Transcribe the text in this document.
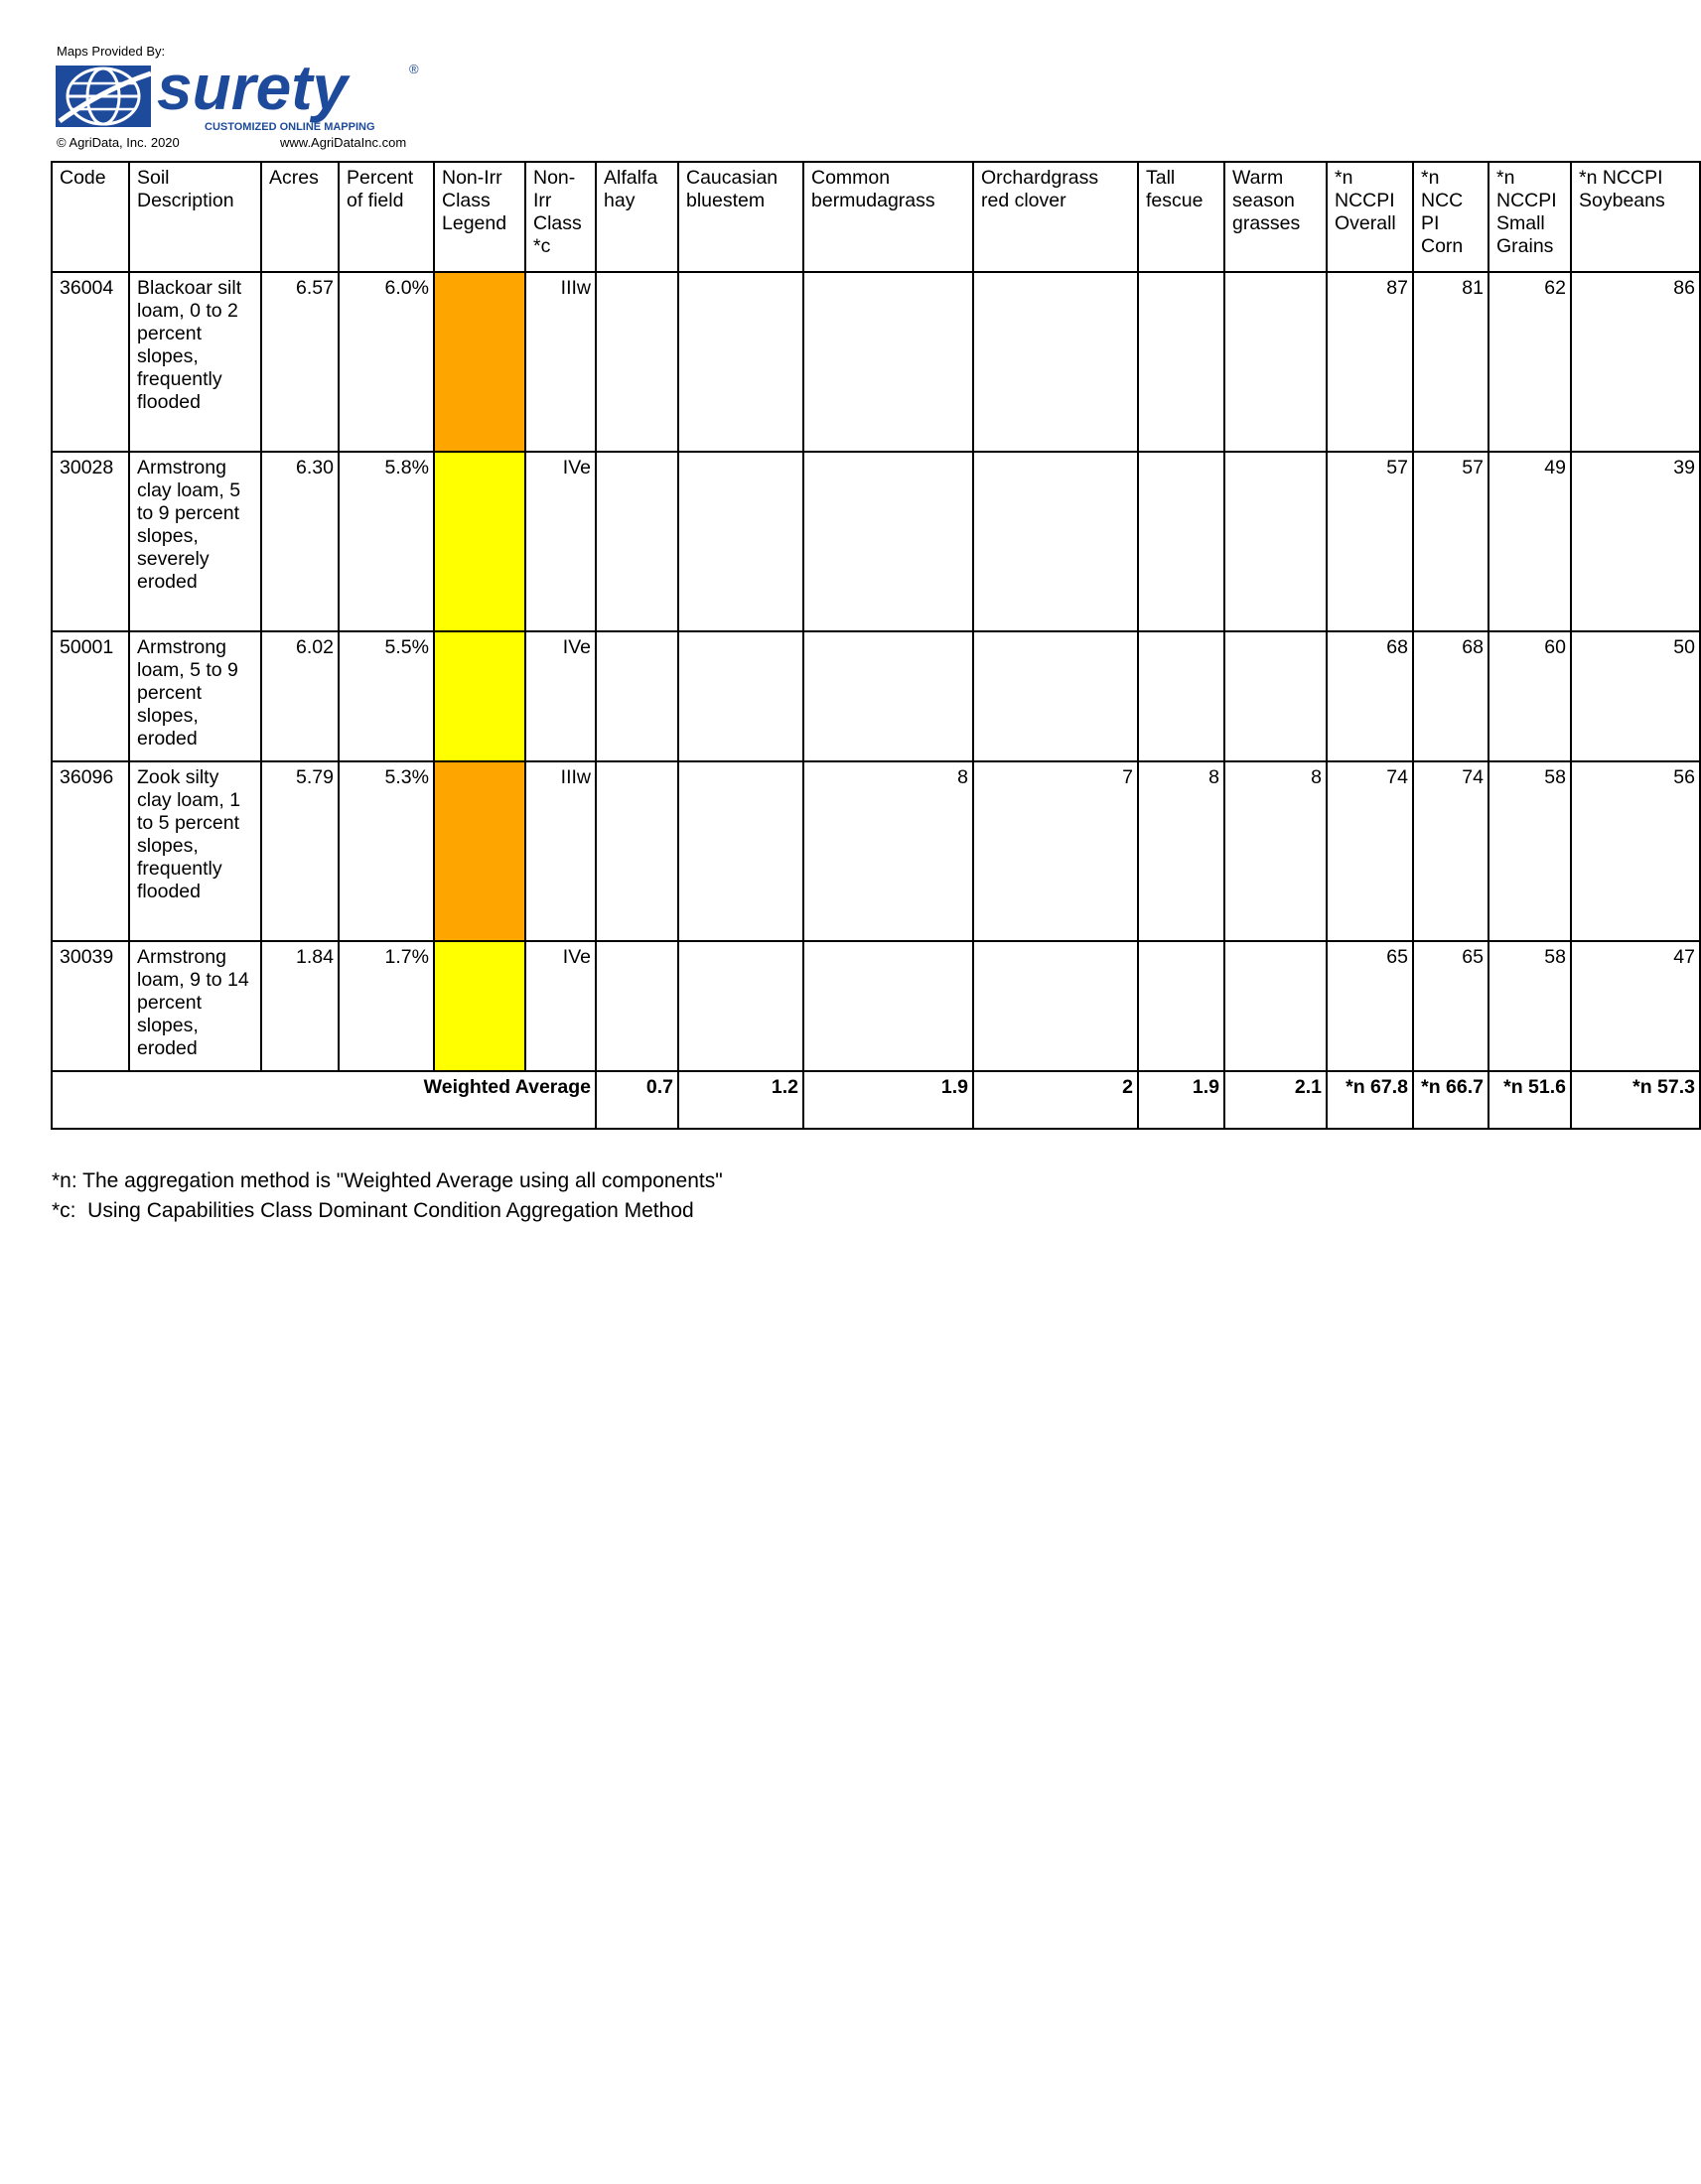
Maps Provided By:
surety	®
CUSTOMIZED ONLINE MAPPING
© AgriData, Inc. 2020	www.AgriDataInc.com
Code	Soil Description	Acres	Percent of field	Non-Irr Class Legend	Non-Irr Class *c	Alfalfa hay	Caucasian bluestem	Common bermudagrass	Orchardgrass red clover	Tall fescue	Warm season grasses	*n NCCPI Overall	*n NCC PI Corn	*n NCCPI Small Grains	*n NCCPI Soybeans
36004	Blackoar silt loam, 0 to 2 percent slopes, frequently flooded	6.57	6.0%		IIIw							87	81	62	86
30028	Armstrong clay loam, 5 to 9 percent slopes, severely eroded	6.30	5.8%		IVe							57	57	49	39
50001	Armstrong loam, 5 to 9 percent slopes, eroded	6.02	5.5%		IVe							68	68	60	50
36096	Zook silty clay loam, 1 to 5 percent slopes, frequently flooded	5.79	5.3%		IIIw			8	7	8	8	74	74	58	56
30039	Armstrong loam, 9 to 14 percent slopes, eroded	1.84	1.7%		IVe							65	65	58	47
Weighted Average						0.7	1.2	1.9	2	1.9	2.1	*n 67.8	*n 66.7	*n 51.6	*n 57.3
*n: The aggregation method is "Weighted Average using all components"
*c:  Using Capabilities Class Dominant Condition Aggregation Method
